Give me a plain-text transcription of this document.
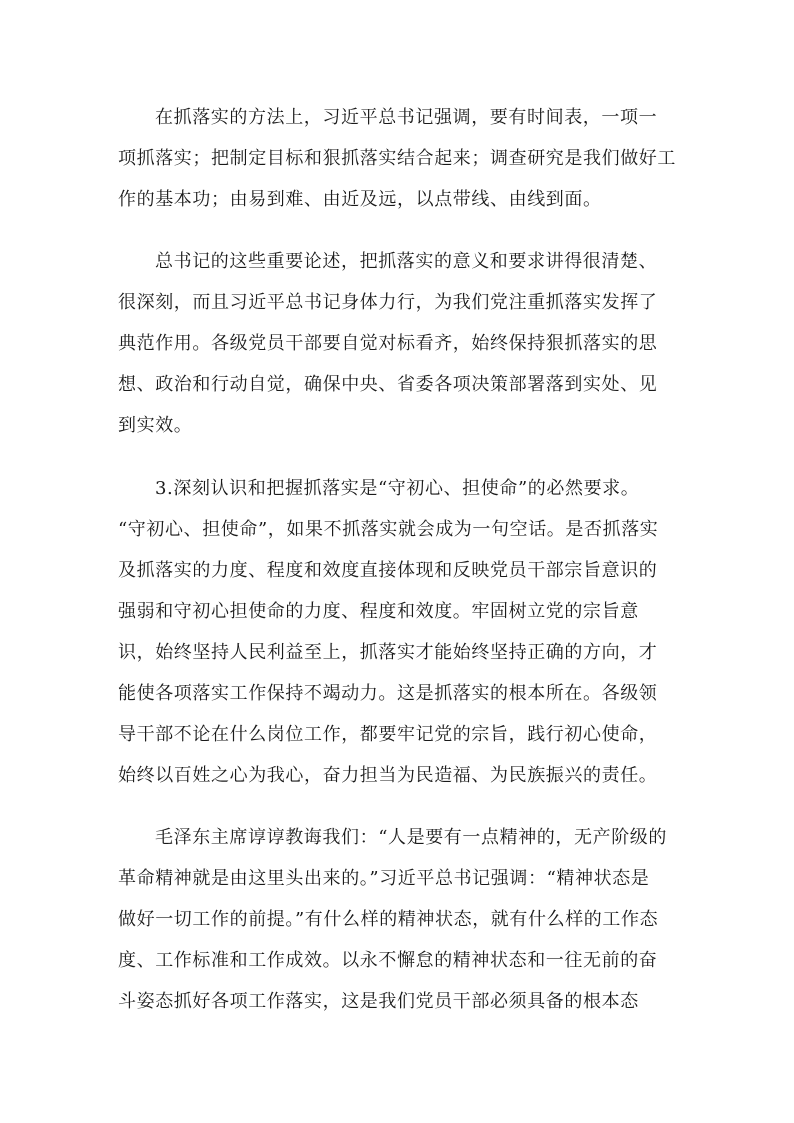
在抓落实的方法上，习近平总书记强调，要有时间表，一项一
项抓落实；把制定目标和狠抓落实结合起来；调查研究是我们做好工
作的基本功；由易到难、由近及远，以点带线、由线到面。
总书记的这些重要论述，把抓落实的意义和要求讲得很清楚、
很深刻，而且习近平总书记身体力行，为我们党注重抓落实发挥了
典范作用。各级党员干部要自觉对标看齐，始终保持狠抓落实的思
想、政治和行动自觉，确保中央、省委各项决策部署落到实处、见
到实效。
3.深刻认识和把握抓落实是“守初心、担使命”的必然要求。
“守初心、担使命”，如果不抓落实就会成为一句空话。是否抓落实
及抓落实的力度、程度和效度直接体现和反映党员干部宗旨意识的
强弱和守初心担使命的力度、程度和效度。牢固树立党的宗旨意
识，始终坚持人民利益至上，抓落实才能始终坚持正确的方向，才
能使各项落实工作保持不竭动力。这是抓落实的根本所在。各级领
导干部不论在什么岗位工作，都要牢记党的宗旨，践行初心使命，
始终以百姓之心为我心，奋力担当为民造福、为民族振兴的责任。
毛泽东主席谆谆教诲我们：“人是要有一点精神的，无产阶级的
革命精神就是由这里头出来的。”习近平总书记强调：“精神状态是
做好一切工作的前提。”有什么样的精神状态，就有什么样的工作态
度、工作标准和工作成效。以永不懈怠的精神状态和一往无前的奋
斗姿态抓好各项工作落实，这是我们党员干部必须具备的根本态
